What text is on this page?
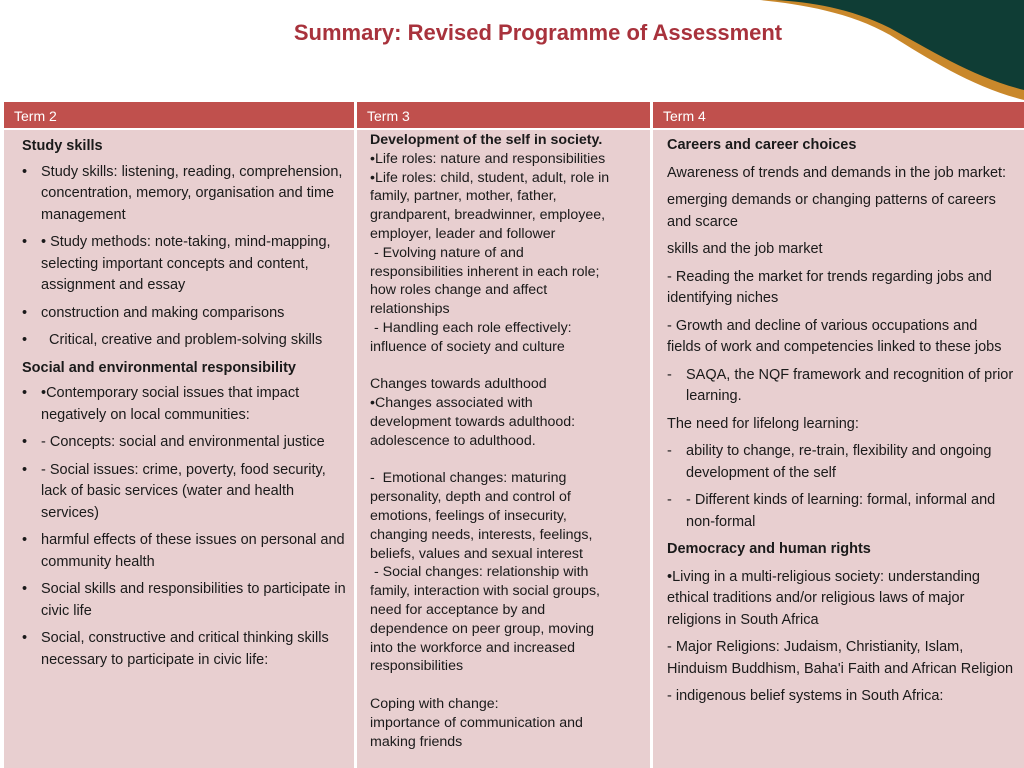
Summary: Revised Programme of Assessment
Term 2
Study skills
• Study skills: listening, reading, comprehension, concentration, memory, organisation and time management
• • Study methods: note-taking, mind-mapping, selecting important concepts and content, assignment and essay
• construction and making comparisons
• Critical, creative and problem-solving skills
Social and environmental responsibility
• •Contemporary social issues that impact negatively on local communities:
• - Concepts: social and environmental justice
• - Social issues: crime, poverty, food security, lack of basic services (water and health services)
• harmful effects of these issues on personal and community health
• Social skills and responsibilities to participate in civic life
• Social, constructive and critical thinking skills necessary to participate in civic life:
Term 3
Development of the self in society.
•Life roles: nature and responsibilities
•Life roles: child, student, adult, role in
family, partner, mother, father,
grandparent, breadwinner, employee,
employer, leader and follower
- Evolving nature of and
responsibilities inherent in each role;
how roles change and affect
relationships
- Handling each role effectively:
influence of society and culture

Changes towards adulthood
•Changes associated with
development towards adulthood:
adolescence to adulthood.

-  Emotional changes: maturing
personality, depth and control of
emotions, feelings of insecurity,
changing needs, interests, feelings,
beliefs, values and sexual interest
- Social changes: relationship with
family, interaction with social groups,
need for acceptance by and
dependence on peer group, moving
into the workforce and increased
responsibilities

Coping with change:
importance of communication and
making friends
Term 4

Careers and career choices

Awareness of trends and demands in the job market:

emerging demands or changing patterns of careers and scarce

skills and the job market

- Reading the market for trends regarding jobs and identifying niches

- Growth and decline of various occupations and fields of work and competencies linked to these jobs

- SAQA, the NQF framework and recognition of prior learning.

The need for lifelong learning:

- ability to change, re-train, flexibility and ongoing development of the self
- - Different kinds of learning: formal, informal and non-formal

Democracy and human rights

•Living in a multi-religious society: understanding ethical traditions and/or religious laws of major religions in South Africa

- Major Religions: Judaism, Christianity, Islam, Hinduism Buddhism, Baha'i Faith and African Religion

- indigenous belief systems in South Africa:
